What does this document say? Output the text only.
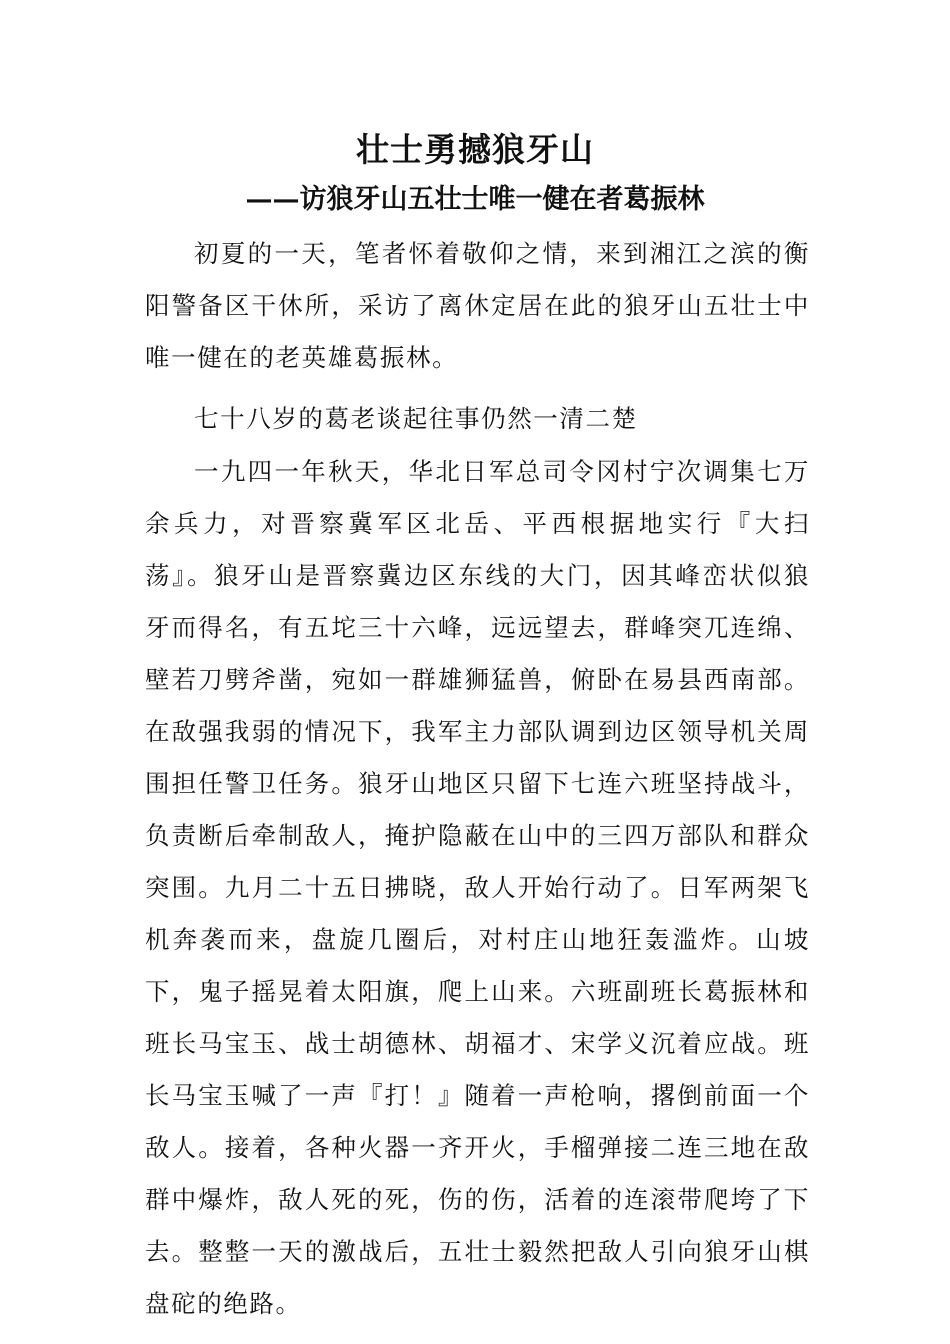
壮士勇撼狼牙山
——访狼牙山五壮士唯一健在者葛振林

初夏的一天，笔者怀着敬仰之情，来到湘江之滨的衡阳警备区干休所，采访了离休定居在此的狼牙山五壮士中唯一健在的老英雄葛振林。

七十八岁的葛老谈起往事仍然一清二楚

一九四一年秋天，华北日军总司令冈村宁次调集七万余兵力，对晋察冀军区北岳、平西根据地实行『大扫荡』。狼牙山是晋察冀边区东线的大门，因其峰峦状似狼牙而得名，有五坨三十六峰，远远望去，群峰突兀连绵、壁若刀劈斧凿，宛如一群雄狮猛兽，俯卧在易县西南部。在敌强我弱的情况下，我军主力部队调到边区领导机关周围担任警卫任务。狼牙山地区只留下七连六班坚持战斗，负责断后牵制敌人，掩护隐蔽在山中的三四万部队和群众突围。九月二十五日拂晓，敌人开始行动了。日军两架飞机奔袭而来，盘旋几圈后，对村庄山地狂轰滥炸。山坡下，鬼子摇晃着太阳旗，爬上山来。六班副班长葛振林和班长马宝玉、战士胡德林、胡福才、宋学义沉着应战。班长马宝玉喊了一声『打！』随着一声枪响，撂倒前面一个敌人。接着，各种火器一齐开火，手榴弹接二连三地在敌群中爆炸，敌人死的死，伤的伤，活着的连滚带爬垮了下去。整整一天的激战后，五壮士毅然把敌人引向狼牙山棋盘砣的绝路。
